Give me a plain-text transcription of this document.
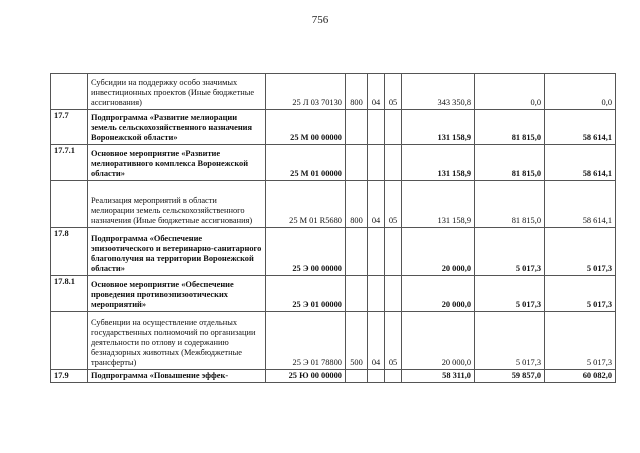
756
	Субсидии на поддержку особо значимых инвестиционных проектов (Иные бюджетные ассигнования)	25 Л 03 70130	800	04	05	343 350,8	0,0	0,0
17.7	Подпрограмма «Развитие мелиорации земель сельскохозяйственного назначения Воронежской области»	25 М 00 00000				131 158,9	81 815,0	58 614,1
17.7.1	Основное мероприятие «Развитие мелиоративного комплекса Воронежской области»	25 М 01 00000				131 158,9	81 815,0	58 614,1
	Реализация мероприятий в области мелиорации земель сельскохозяйственного назначения (Иные бюджетные ассигнования)	25 М 01 R5680	800	04	05	131 158,9	81 815,0	58 614,1
17.8	Подпрограмма «Обеспечение эпизоотического и ветеринарно-санитарного благополучия на территории Воронежской области»	25 Э 00 00000				20 000,0	5 017,3	5 017,3
17.8.1	Основное мероприятие «Обеспечение проведения противоэпизоотических мероприятий»	25 Э 01 00000				20 000,0	5 017,3	5 017,3
	Субвенции на осуществление отдельных государственных полномочий по организации деятельности по отлову и содержанию безнадзорных животных (Межбюджетные трансферты)	25 Э 01 78800	500	04	05	20 000,0	5 017,3	5 017,3
17.9	Подпрограмма «Повышение эффек-	25 Ю 00 00000				58 311,0	59 857,0	60 082,0
